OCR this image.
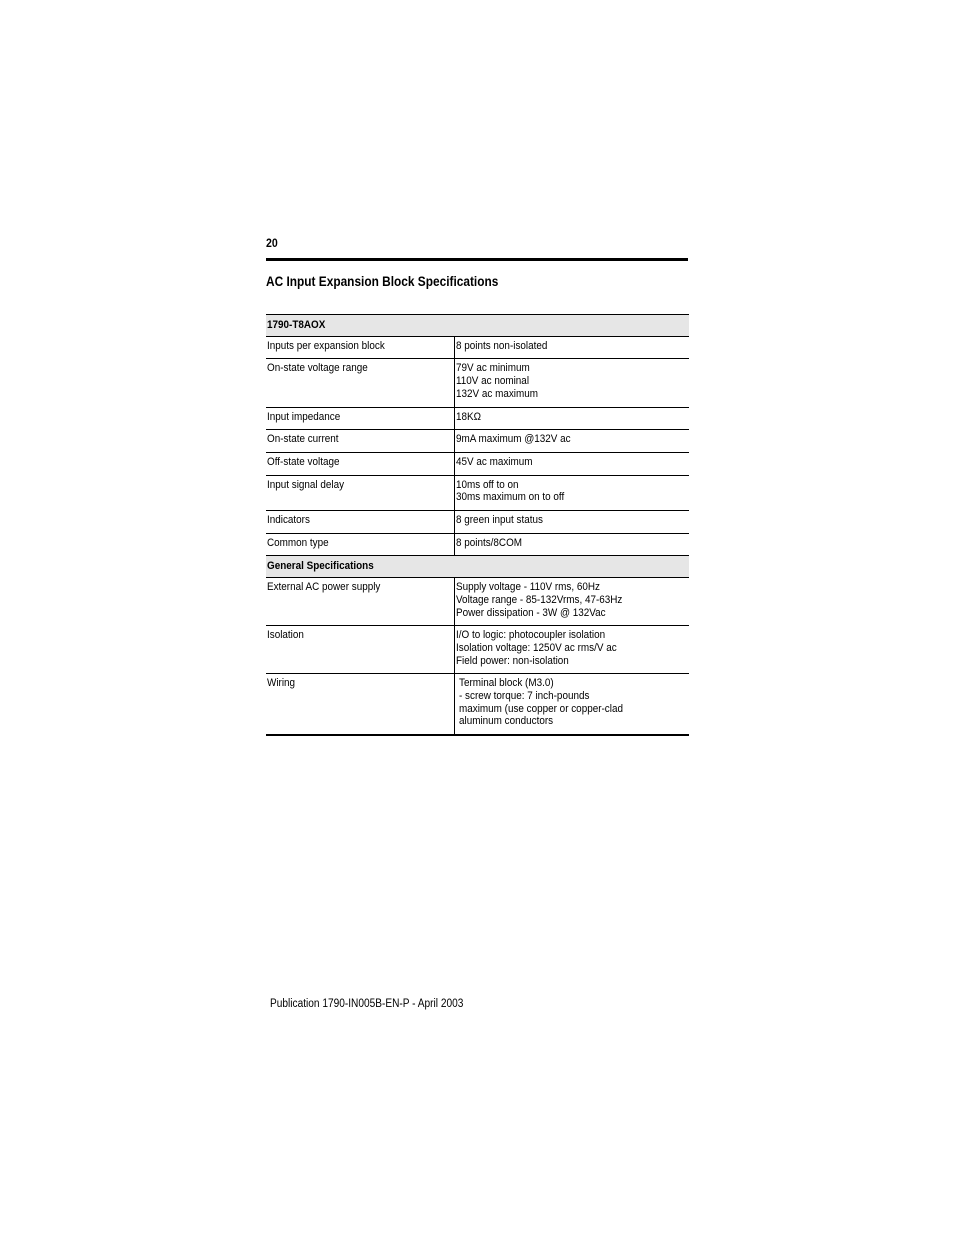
20
AC Input Expansion Block Specifications
1790-T8AOX	
Inputs per expansion block	8 points non-isolated

On-state voltage range	79V ac minimum
110V ac nominal
132V ac maximum

Input impedance	18KΩ

On-state current	9mA maximum @132V ac

Off-state voltage	45V ac maximum

Input signal delay	10ms off to on
30ms maximum on to off

Indicators	8 green input status

Common type	8 points/8COM

General Specifications	
External AC power supply	Supply voltage - 110V rms, 60Hz
Voltage range - 85-132Vrms, 47-63Hz
Power dissipation - 3W @ 132Vac

Isolation	I/O to logic: photocoupler isolation
Isolation voltage: 1250V ac rms/V ac
Field power: non-isolation

Wiring	Terminal block (M3.0)
- screw torque: 7 inch-pounds
maximum (use copper or copper-clad
aluminum conductors
Publication 1790-IN005B-EN-P - April 2003
